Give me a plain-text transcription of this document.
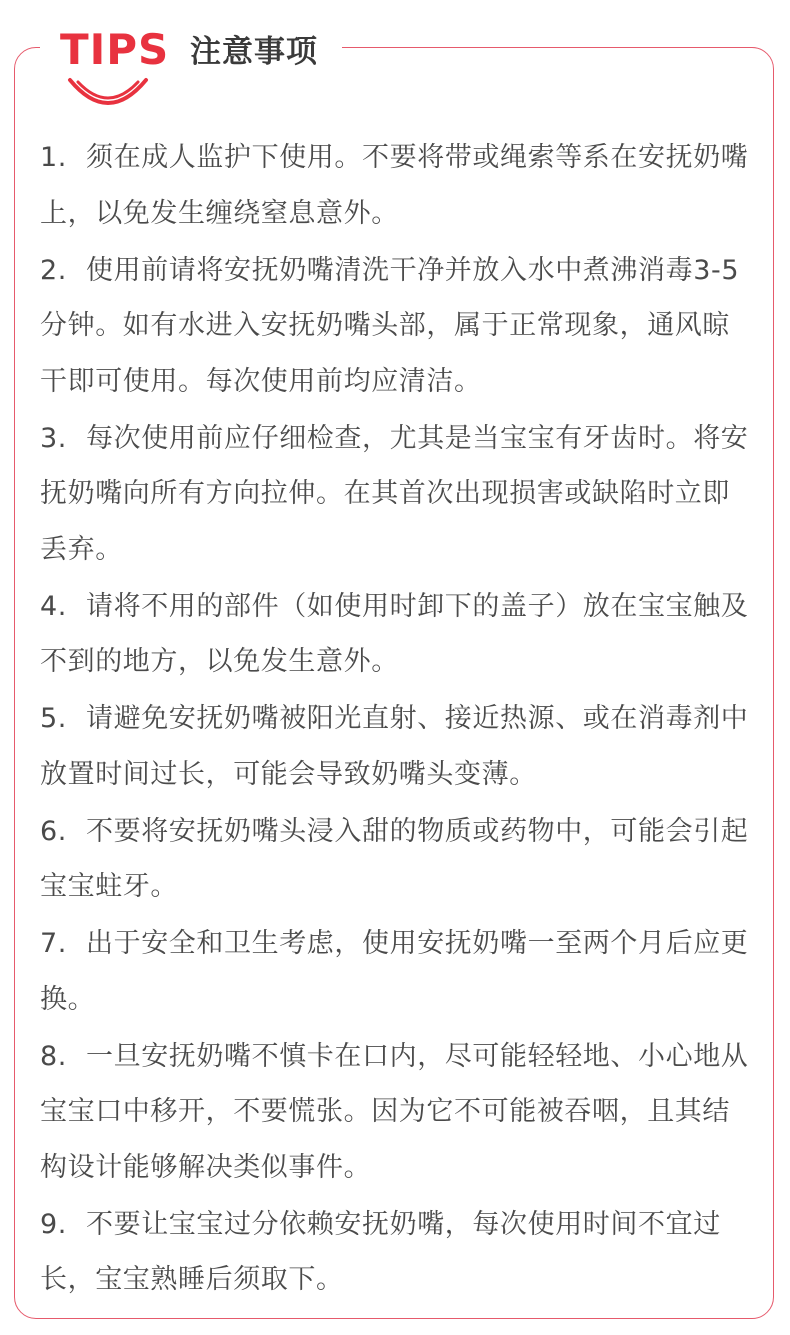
TIPS 注意事项
1. 须在成人监护下使用。不要将带或绳索等系在安抚奶嘴上，以免发生缠绕窒息意外。
2. 使用前请将安抚奶嘴清洗干净并放入水中煮沸消毒3-5分钟。如有水进入安抚奶嘴头部，属于正常现象，通风晾干即可使用。每次使用前均应清洁。
3. 每次使用前应仔细检查，尤其是当宝宝有牙齿时。将安抚奶嘴向所有方向拉伸。在其首次出现损害或缺陷时立即丢弃。
4. 请将不用的部件（如使用时卸下的盖子）放在宝宝触及不到的地方，以免发生意外。
5. 请避免安抚奶嘴被阳光直射、接近热源、或在消毒剂中放置时间过长，可能会导致奶嘴头变薄。
6. 不要将安抚奶嘴头浸入甜的物质或药物中，可能会引起宝宝蛀牙。
7. 出于安全和卫生考虑，使用安抚奶嘴一至两个月后应更换。
8. 一旦安抚奶嘴不慎卡在口内，尽可能轻轻地、小心地从宝宝口中移开，不要慌张。因为它不可能被吞咽，且其结构设计能够解决类似事件。
9. 不要让宝宝过分依赖安抚奶嘴，每次使用时间不宜过长，宝宝熟睡后须取下。
